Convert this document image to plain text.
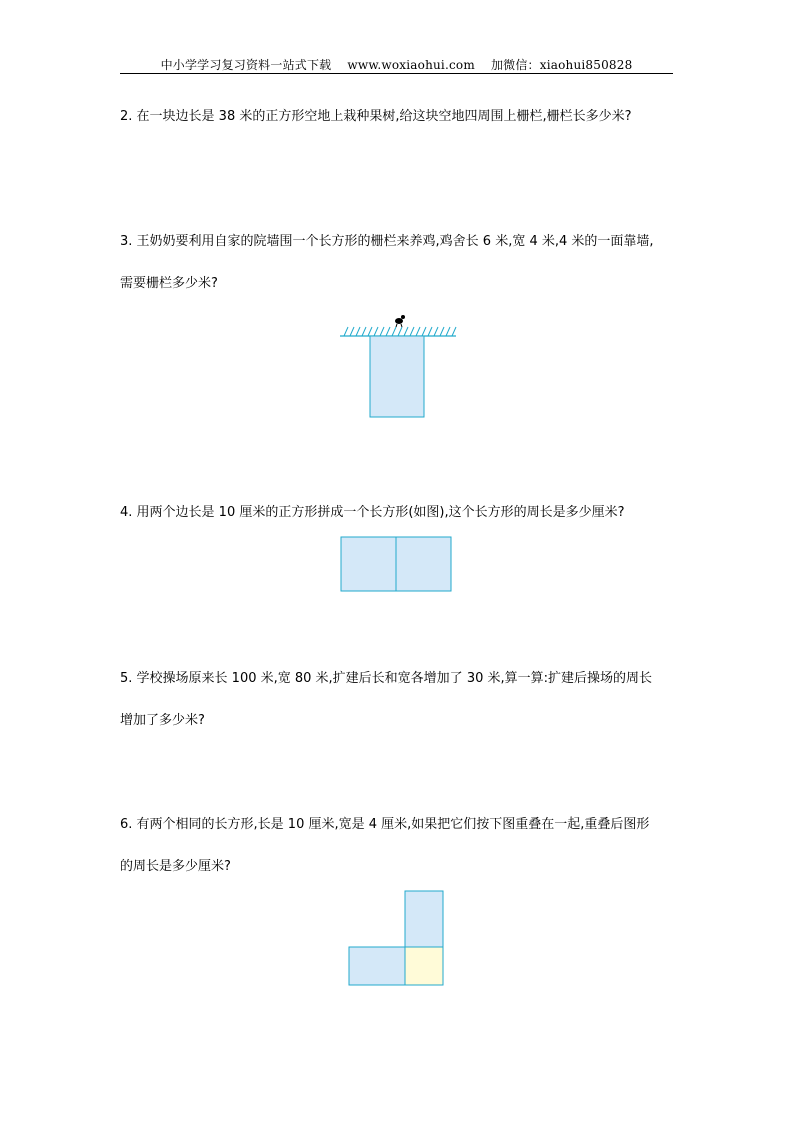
中小学学习复习资料一站式下载 www.woxiaohui.com 加微信：xiaohui850828
2. 在一块边长是 38 米的正方形空地上栽种果树,给这块空地四周围上栅栏,栅栏长多少米?
3. 王奶奶要利用自家的院墙围一个长方形的栅栏来养鸡,鸡舍长 6 米,宽 4 米,4 米的一面靠墙,
需要栅栏多少米?
4. 用两个边长是 10 厘米的正方形拼成一个长方形(如图),这个长方形的周长是多少厘米?
5. 学校操场原来长 100 米,宽 80 米,扩建后长和宽各增加了 30 米,算一算:扩建后操场的周长
增加了多少米?
6. 有两个相同的长方形,长是 10 厘米,宽是 4 厘米,如果把它们按下图重叠在一起,重叠后图形
的周长是多少厘米?
